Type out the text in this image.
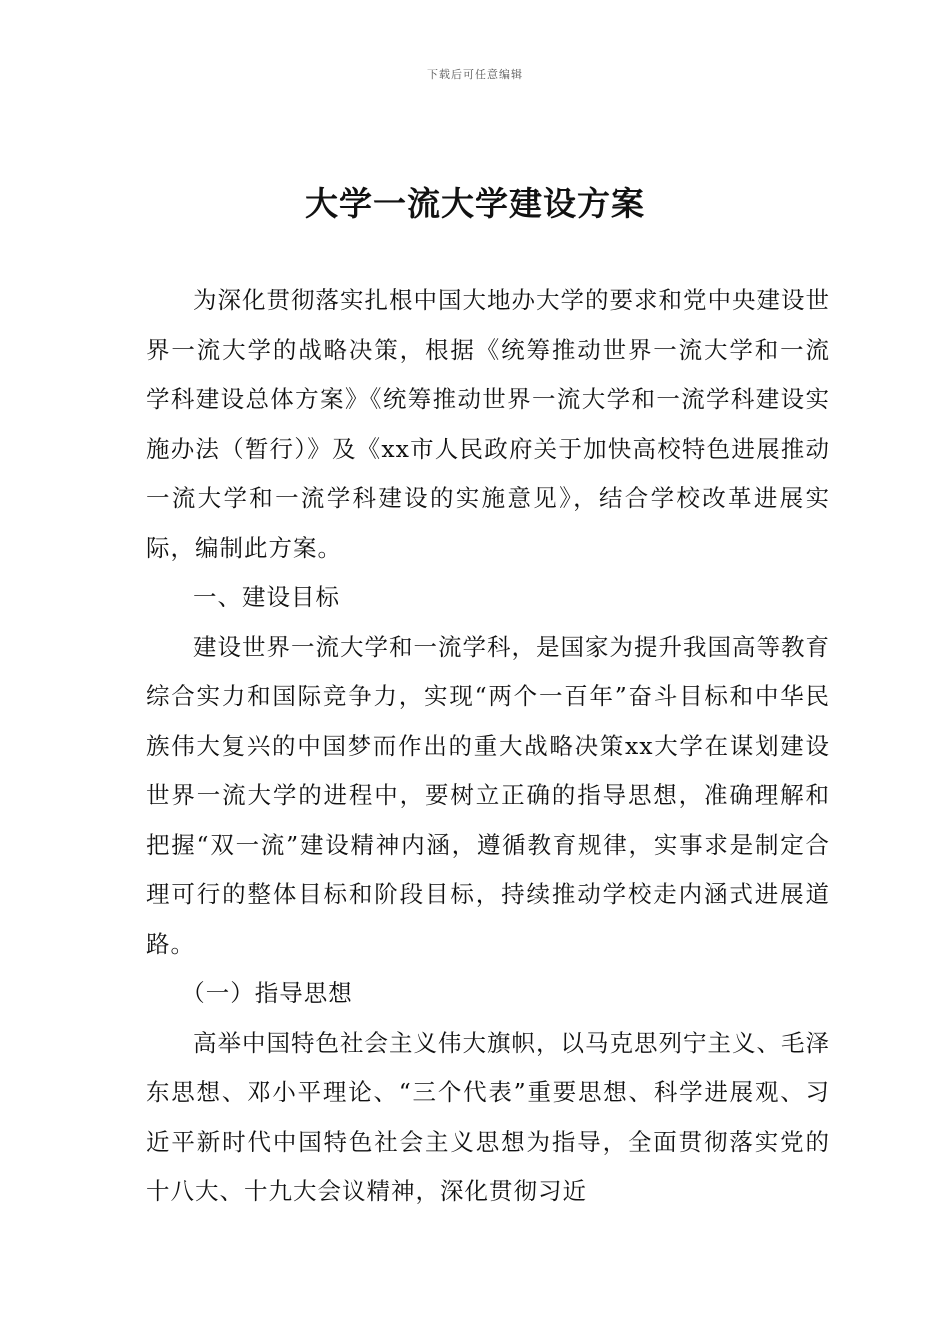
下载后可任意编辑
大学一流大学建设方案

为深化贯彻落实扎根中国大地办大学的要求和党中央建设世界一流大学的战略决策，根据《统筹推动世界一流大学和一流学科建设总体方案》《统筹推动世界一流大学和一流学科建设实施办法（暂行）》及《xx市人民政府关于加快高校特色进展推动一流大学和一流学科建设的实施意见》，结合学校改革进展实际，编制此方案。

一、建设目标

建设世界一流大学和一流学科，是国家为提升我国高等教育综合实力和国际竞争力，实现“两个一百年”奋斗目标和中华民族伟大复兴的中国梦而作出的重大战略决策xx大学在谋划建设世界一流大学的进程中，要树立正确的指导思想，准确理解和把握“双一流”建设精神内涵，遵循教育规律，实事求是制定合理可行的整体目标和阶段目标，持续推动学校走内涵式进展道路。

（一）指导思想

高举中国特色社会主义伟大旗帜，以马克思列宁主义、毛泽东思想、邓小平理论、“三个代表”重要思想、科学进展观、习近平新时代中国特色社会主义思想为指导，全面贯彻落实党的十八大、十九大会议精神，深化贯彻习近
